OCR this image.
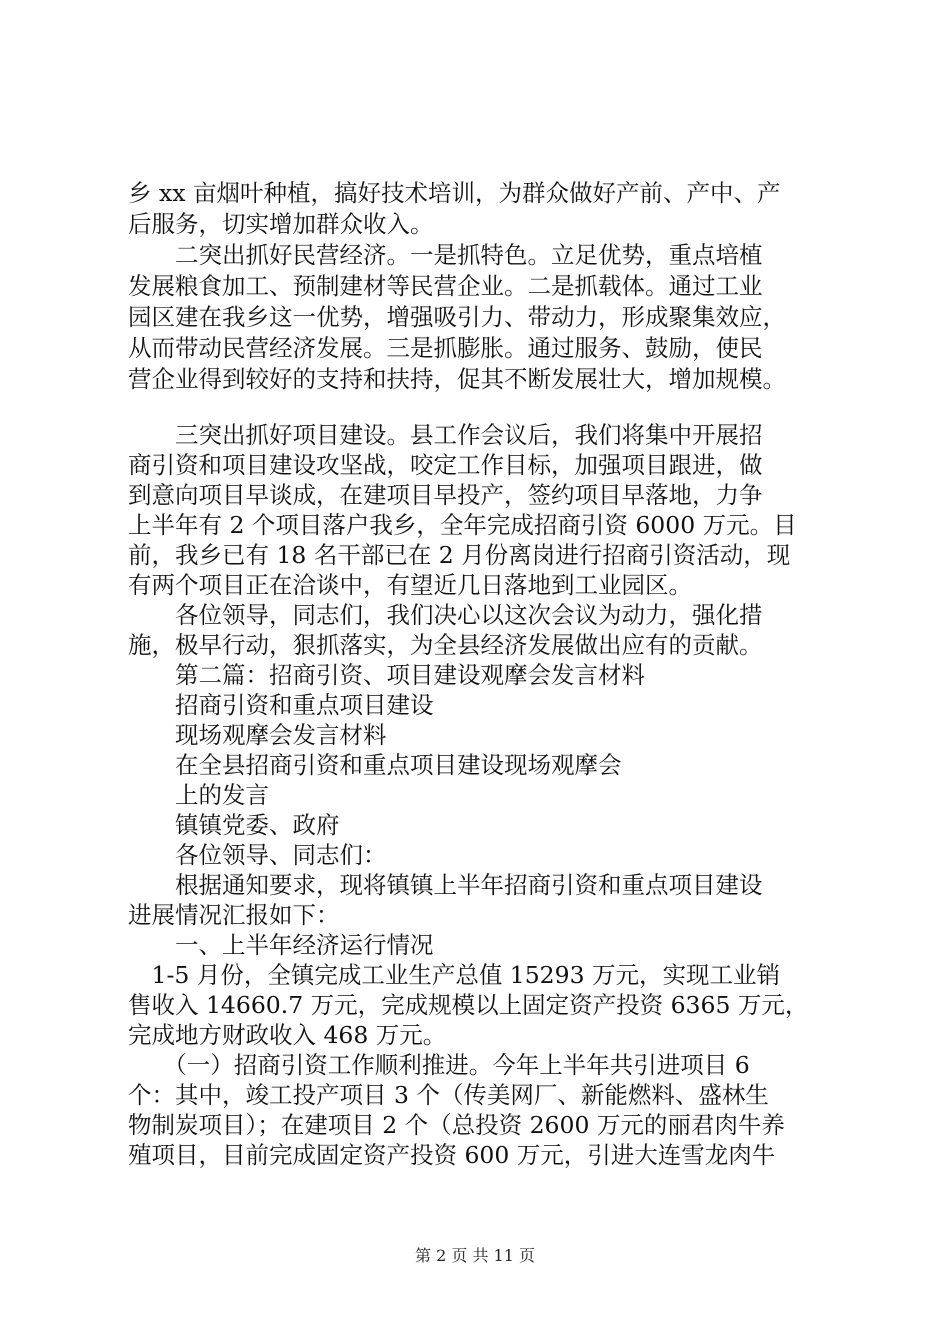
乡 xx 亩烟叶种植，搞好技术培训，为群众做好产前、产中、产
后服务，切实增加群众收入。
　　二突出抓好民营经济。一是抓特色。立足优势，重点培植
发展粮食加工、预制建材等民营企业。二是抓载体。通过工业
园区建在我乡这一优势，增强吸引力、带动力，形成聚集效应，
从而带动民营经济发展。三是抓膨胀。通过服务、鼓励，使民
营企业得到较好的支持和扶持，促其不断发展壮大，增加规模。
　　三突出抓好项目建设。县工作会议后，我们将集中开展招
商引资和项目建设攻坚战，咬定工作目标，加强项目跟进，做
到意向项目早谈成，在建项目早投产，签约项目早落地，力争
上半年有 2 个项目落户我乡，全年完成招商引资 6000 万元。目
前，我乡已有 18 名干部已在 2 月份离岗进行招商引资活动，现
有两个项目正在洽谈中，有望近几日落地到工业园区。
　　各位领导，同志们，我们决心以这次会议为动力，强化措
施，极早行动，狠抓落实，为全县经济发展做出应有的贡献。
　　第二篇：招商引资、项目建设观摩会发言材料
　　招商引资和重点项目建设
　　现场观摩会发言材料
　　在全县招商引资和重点项目建设现场观摩会
　　上的发言
　　镇镇党委、政府
　　各位领导、同志们：
　　根据通知要求，现将镇镇上半年招商引资和重点项目建设
进展情况汇报如下：
　　一、上半年经济运行情况
　1-5 月份，全镇完成工业生产总值 15293 万元，实现工业销
售收入 14660.7 万元，完成规模以上固定资产投资 6365 万元，
完成地方财政收入 468 万元。
　　（一）招商引资工作顺利推进。今年上半年共引进项目 6
个：其中，竣工投产项目 3 个（传美网厂、新能燃料、盛林生
物制炭项目）；在建项目 2 个（总投资 2600 万元的丽君肉牛养
殖项目，目前完成固定资产投资 600 万元，引进大连雪龙肉牛
第 2 页 共 11 页
